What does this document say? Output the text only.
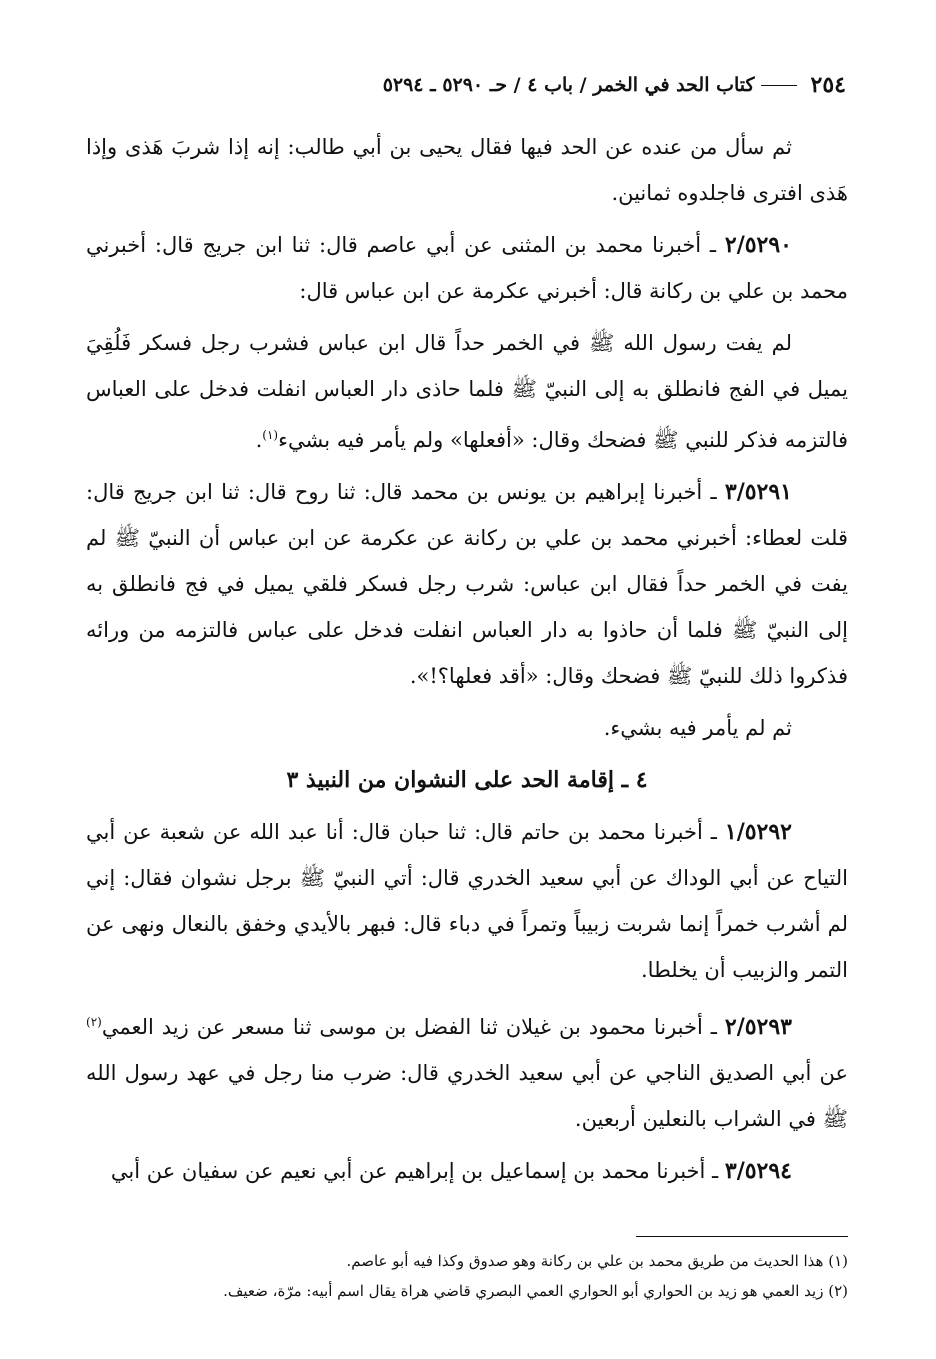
٢٥٤
كتاب الحد في الخمر / باب ٤ / حـ ٥٢٩٠ ـ ٥٢٩٤

ثم سأل من عنده عن الحد فيها فقال يحيى بن أبي طالب: إنه إذا شربَ هَذى وإذا هَذى افترى فاجلدوه ثمانين.

٢/٥٢٩٠ ـ أخبرنا محمد بن المثنى عن أبي عاصم قال: ثنا ابن جريج قال: أخبرني محمد بن علي بن ركانة قال: أخبرني عكرمة عن ابن عباس قال:

لم يفت رسول الله ﷺ في الخمر حداً قال ابن عباس فشرب رجل فسكر فَلُقِيَ يميل في الفج فانطلق به إلى النبيّ ﷺ فلما حاذى دار العباس انفلت فدخل على العباس فالتزمه فذكر للنبي ﷺ فضحك وقال: «أفعلها» ولم يأمر فيه بشيء$^{(١)}$.

٣/٥٢٩١ ـ أخبرنا إبراهيم بن يونس بن محمد قال: ثنا روح قال: ثنا ابن جريج قال: قلت لعطاء: أخبرني محمد بن علي بن ركانة عن عكرمة عن ابن عباس أن النبيّ ﷺ لم يفت في الخمر حداً فقال ابن عباس: شرب رجل فسكر فلقي يميل في فج فانطلق به إلى النبيّ ﷺ فلما أن حاذوا به دار العباس انفلت فدخل على عباس فالتزمه من ورائه فذكروا ذلك للنبيّ ﷺ فضحك وقال: «أقد فعلها؟!».

ثم لم يأمر فيه بشيء.

٤ ـ إقامة الحد على النشوان من النبيذ ٣

١/٥٢٩٢ ـ أخبرنا محمد بن حاتم قال: ثنا حبان قال: أنا عبد الله عن شعبة عن أبي التياح عن أبي الوداك عن أبي سعيد الخدري قال: أتي النبيّ ﷺ برجل نشوان فقال: إني لم أشرب خمراً إنما شربت زبيباً وتمراً في دباء قال: فبهر بالأيدي وخفق بالنعال ونهى عن التمر والزبيب أن يخلطا.

٢/٥٢٩٣ ـ أخبرنا محمود بن غيلان ثنا الفضل بن موسى ثنا مسعر عن زيد العمي$^{(٢)}$ عن أبي الصديق الناجي عن أبي سعيد الخدري قال: ضرب منا رجل في عهد رسول الله ﷺ في الشراب بالنعلين أربعين.

٣/٥٢٩٤ ـ أخبرنا محمد بن إسماعيل بن إبراهيم عن أبي نعيم عن سفيان عن أبي

(١) هذا الحديث من طريق محمد بن علي بن ركانة وهو صدوق وكذا فيه أبو عاصم.

(٢) زيد العمي هو زيد بن الحواري أبو الحواري العمي البصري قاضي هراة يقال اسم أبيه: مرّة، ضعيف.
